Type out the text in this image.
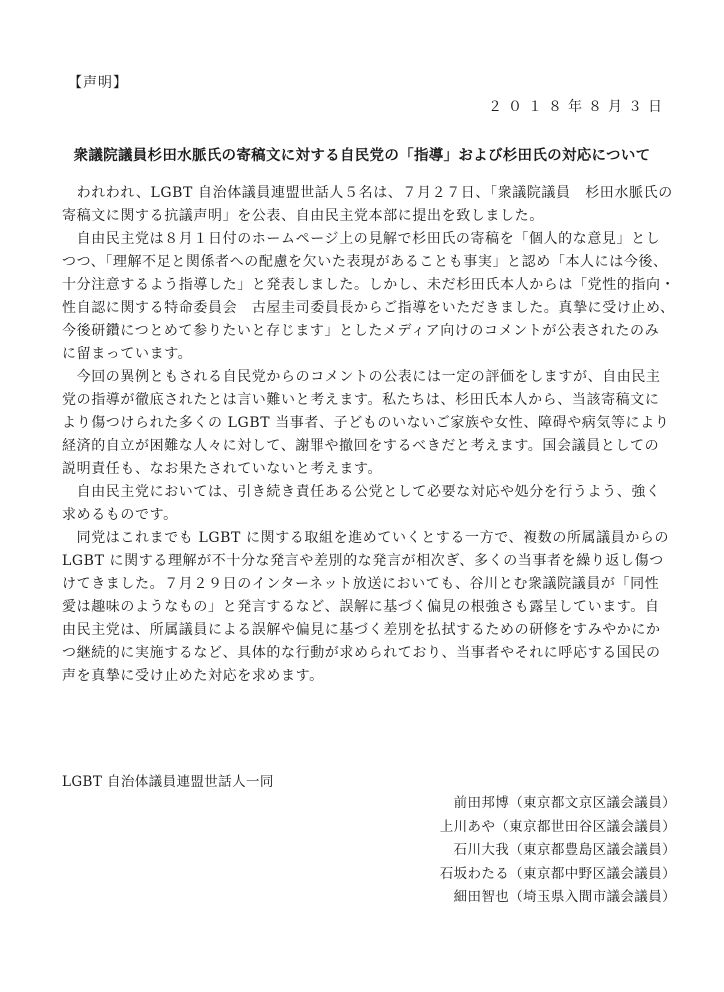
【声明】
２０１８年８月３日
衆議院議員杉田水脈氏の寄稿文に対する自民党の「指導」および杉田氏の対応について
　われわれ、LGBT 自治体議員連盟世話人５名は、７月２７日、「衆議院議員　杉田水脈氏の
寄稿文に関する抗議声明」を公表、自由民主党本部に提出を致しました。
　自由民主党は８月１日付のホームページ上の見解で杉田氏の寄稿を「個人的な意見」とし
つつ、「理解不足と関係者への配慮を欠いた表現があることも事実」と認め「本人には今後、
十分注意するよう指導した」と発表しました。しかし、未だ杉田氏本人からは「党性的指向・
性自認に関する特命委員会　古屋圭司委員長からご指導をいただきました。真摯に受け止め、
今後研鑽につとめて参りたいと存じます」としたメディア向けのコメントが公表されたのみ
に留まっています。
　今回の異例ともされる自民党からのコメントの公表には一定の評価をしますが、自由民主
党の指導が徹底されたとは言い難いと考えます。私たちは、杉田氏本人から、当該寄稿文に
より傷つけられた多くの LGBT 当事者、子どものいないご家族や女性、障碍や病気等により
経済的自立が困難な人々に対して、謝罪や撤回をするべきだと考えます。国会議員としての
説明責任も、なお果たされていないと考えます。
　自由民主党においては、引き続き責任ある公党として必要な対応や処分を行うよう、強く
求めるものです。
　同党はこれまでも LGBT に関する取組を進めていくとする一方で、複数の所属議員からの
LGBT に関する理解が不十分な発言や差別的な発言が相次ぎ、多くの当事者を繰り返し傷つ
けてきました。７月２９日のインターネット放送においても、谷川とむ衆議院議員が「同性
愛は趣味のようなもの」と発言するなど、誤解に基づく偏見の根強さも露呈しています。自
由民主党は、所属議員による誤解や偏見に基づく差別を払拭するための研修をすみやかにか
つ継続的に実施するなど、具体的な行動が求められており、当事者やそれに呼応する国民の
声を真摯に受け止めた対応を求めます。
LGBT 自治体議員連盟世話人一同
前田邦博（東京都文京区議会議員）
上川あや（東京都世田谷区議会議員）
石川大我（東京都豊島区議会議員）
石坂わたる（東京都中野区議会議員）
細田智也（埼玉県入間市議会議員）
